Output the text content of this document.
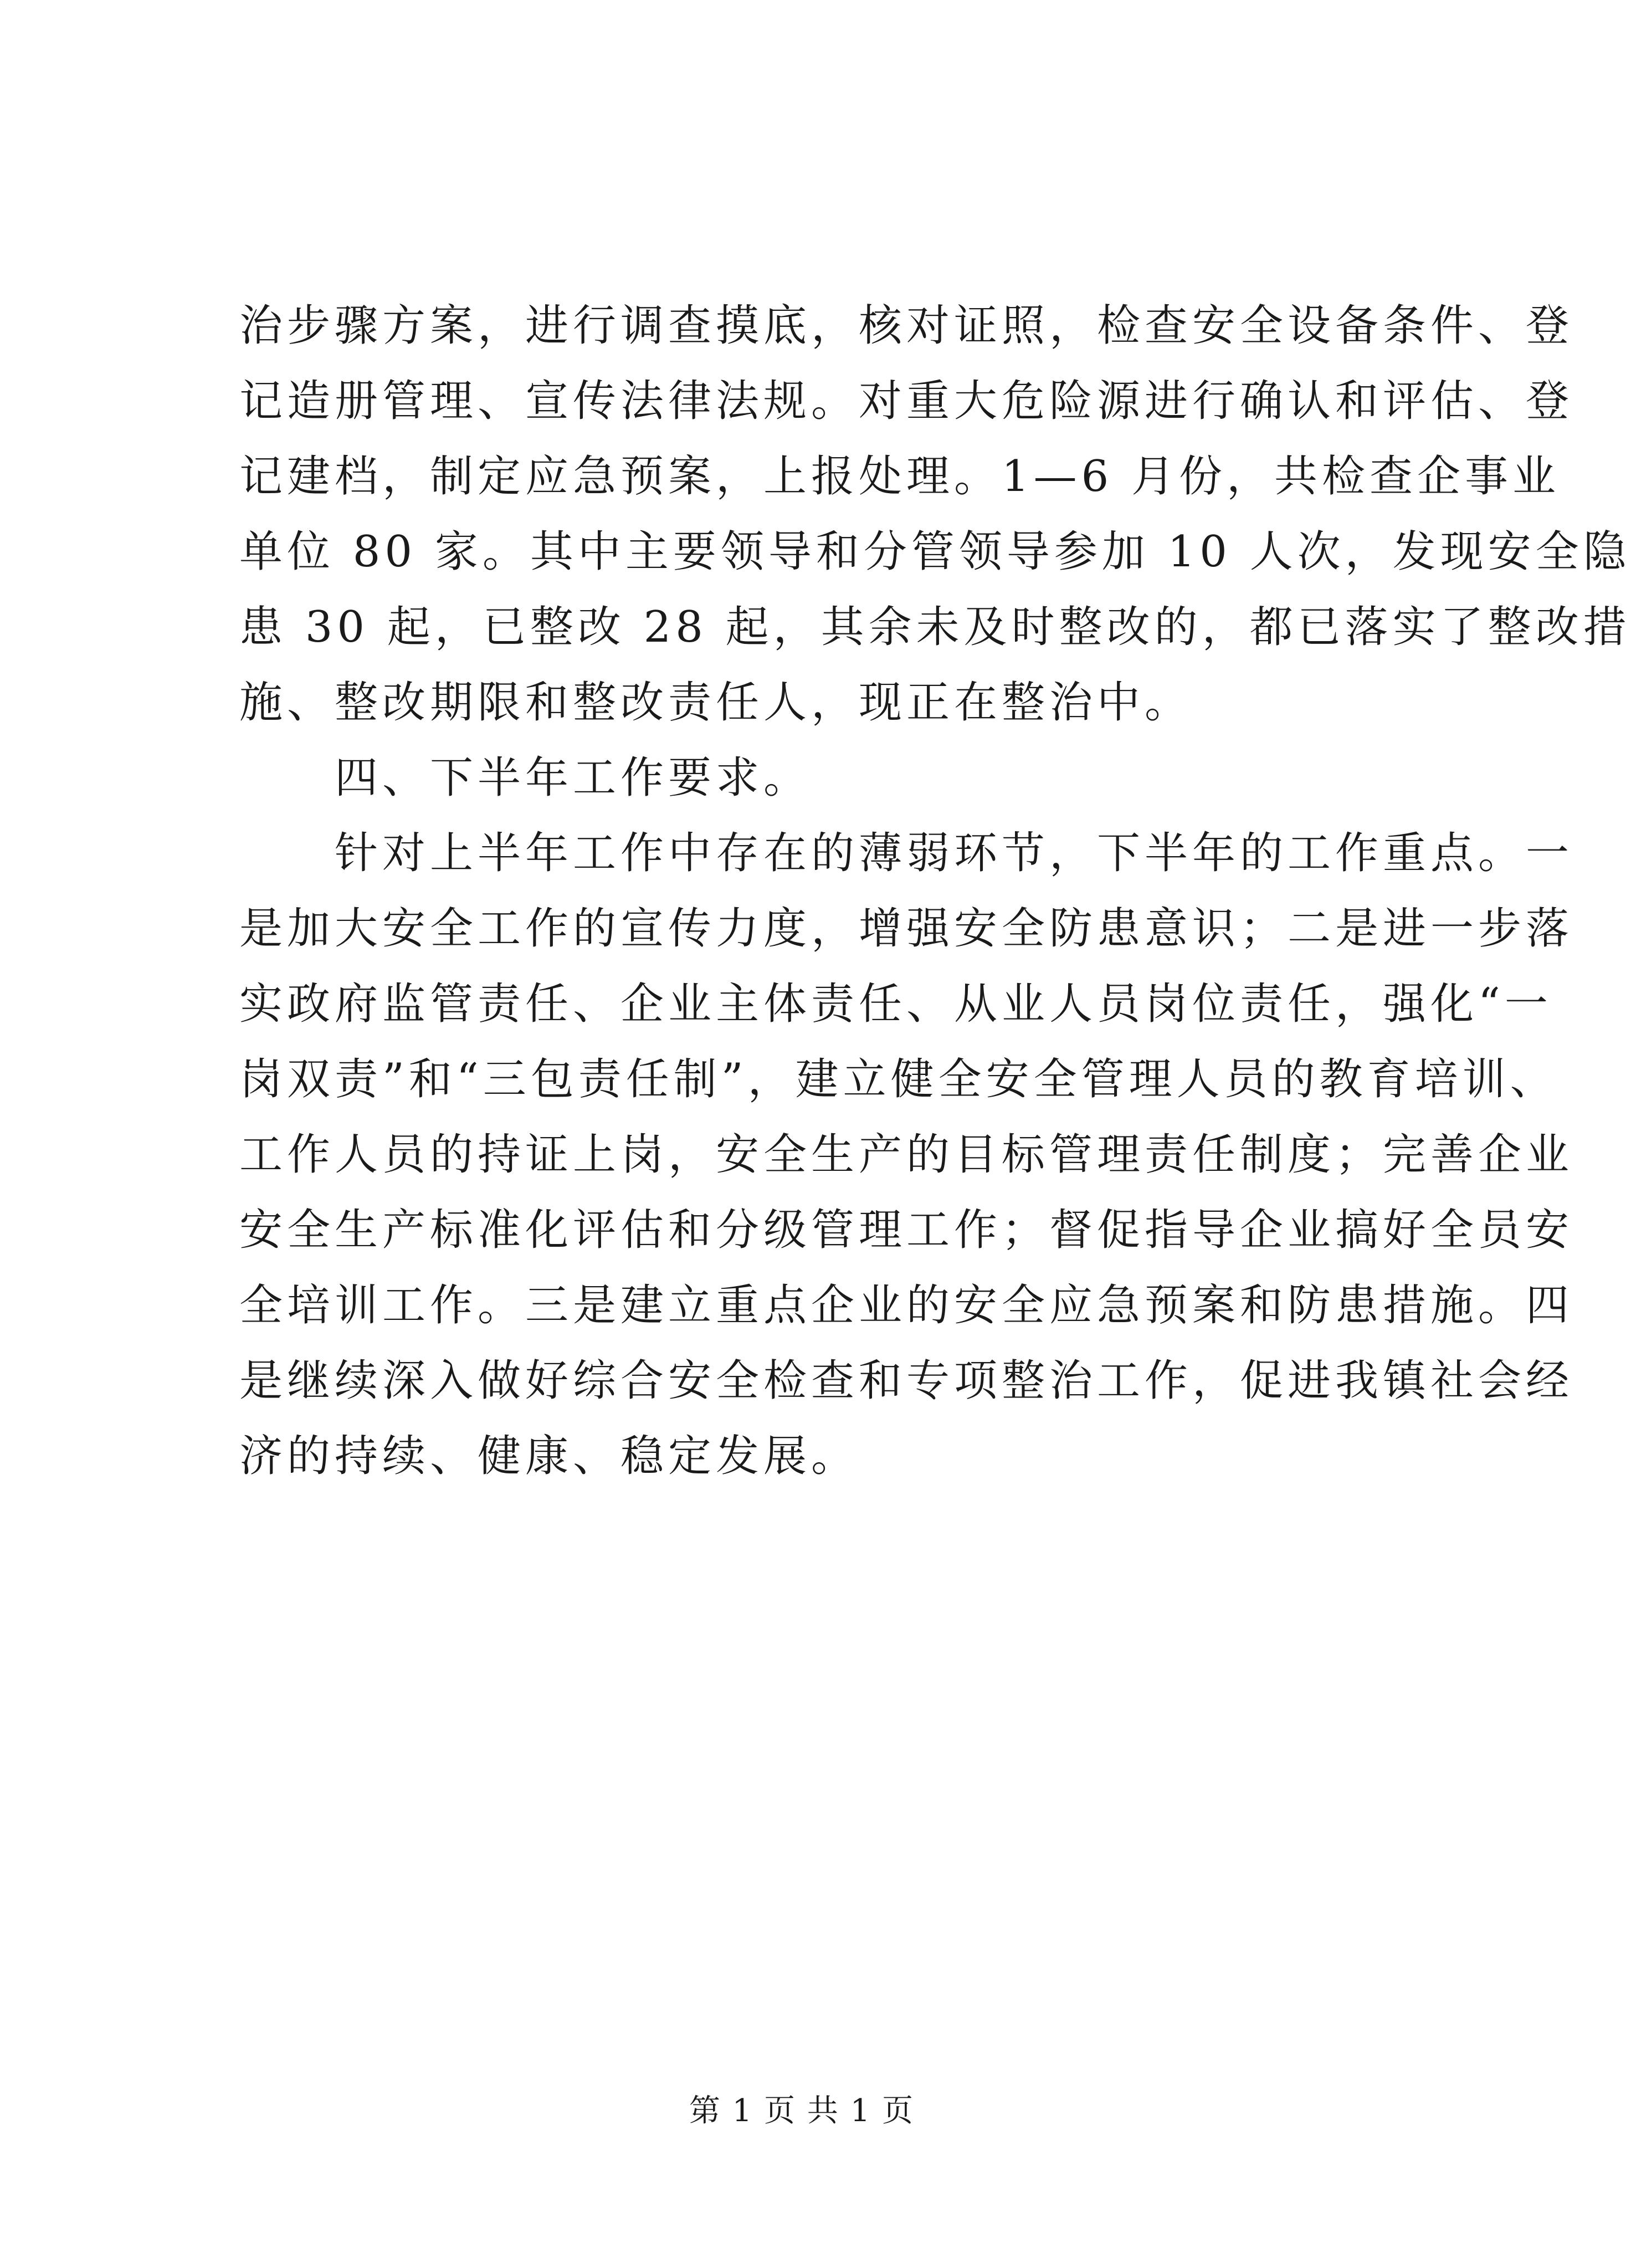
治步骤方案，进行调查摸底，核对证照，检查安全设备条件、登
记造册管理、宣传法律法规。对重大危险源进行确认和评估、登
记建档，制定应急预案，上报处理。1—6 月份，共检查企事业
单位 80 家。其中主要领导和分管领导参加 10 人次，发现安全隐
患 30 起，已整改 28 起，其余未及时整改的，都已落实了整改措
施、整改期限和整改责任人，现正在整治中。
四、下半年工作要求。
针对上半年工作中存在的薄弱环节，下半年的工作重点。一
是加大安全工作的宣传力度，增强安全防患意识；二是进一步落
实政府监管责任、企业主体责任、从业人员岗位责任，强化“一
岗双责”和“三包责任制”，建立健全安全管理人员的教育培训、
工作人员的持证上岗，安全生产的目标管理责任制度；完善企业
安全生产标准化评估和分级管理工作；督促指导企业搞好全员安
全培训工作。三是建立重点企业的安全应急预案和防患措施。四
是继续深入做好综合安全检查和专项整治工作，促进我镇社会经
济的持续、健康、稳定发展。
第 1 页 共 1 页
